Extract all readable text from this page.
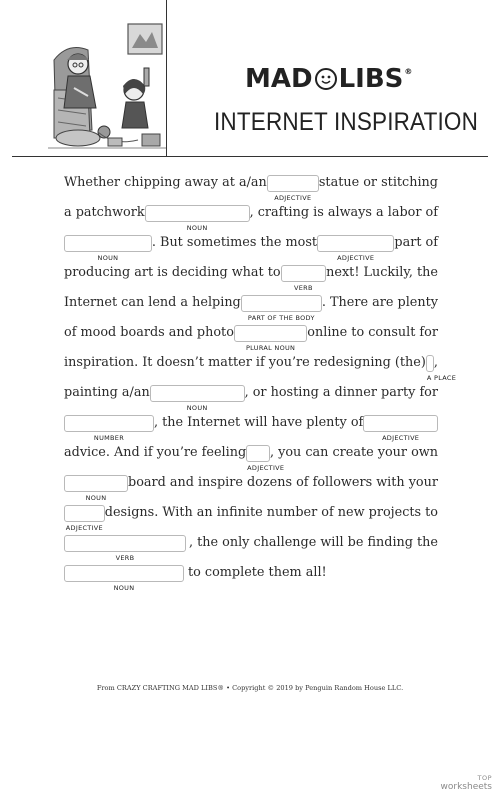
MAD LIBS ®
INTERNET INSPIRATION
Whether chipping away at a/an
ADJECTIVE
statue or stitching
a patchwork
NOUN
, crafting is always a labor of
NOUN
. But sometimes the most
ADJECTIVE
part of
producing art is deciding what to
VERB
next! Luckily, the
Internet can lend a helping
PART OF THE BODY
. There are plenty
of mood boards and photo
PLURAL NOUN
online to consult for
inspiration. It doesn’t matter if you’re redesigning (the)
A PLACE
,
painting a/an
NOUN
, or hosting a dinner party for
NUMBER
, the Internet will have plenty of
ADJECTIVE
advice. And if you’re feeling
ADJECTIVE
, you can create your own
NOUN
board and inspire dozens of followers with your
ADJECTIVE
designs. With an infinite number of new projects to
VERB
, the only challenge will be finding the
NOUN
to complete them all!
From CRAZY CRAFTING MAD LIBS® • Copyright © 2019 by Penguin Random House LLC.
TOP
worksheets
